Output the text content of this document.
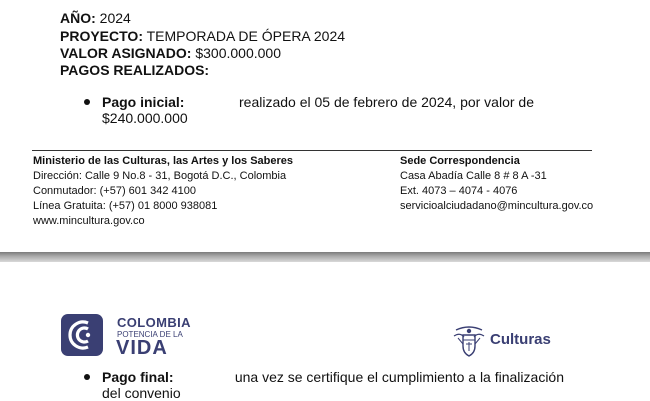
AÑO: 2024
PROYECTO: TEMPORADA DE ÓPERA 2024
VALOR ASIGNADO: $300.000.000
PAGOS REALIZADOS:
Pago inicial:	realizado el 05 de febrero de 2024, por valor de
$240.000.000
Ministerio de las Culturas, las Artes y los Saberes
Dirección: Calle 9 No.8 - 31, Bogotá D.C., Colombia
Conmutador: (+57) 601 342 4100
Línea Gratuita: (+57) 01 8000 938081
www.mincultura.gov.co
Sede Correspondencia
Casa Abadía Calle 8 # 8 A -31
Ext. 4073 – 4074 - 4076
servicioalciudadano@mincultura.gov.co
COLOMBIA
POTENCIA DE LA
VIDA	Culturas
Pago final:	una vez se certifique el cumplimiento a la finalización
del convenio
